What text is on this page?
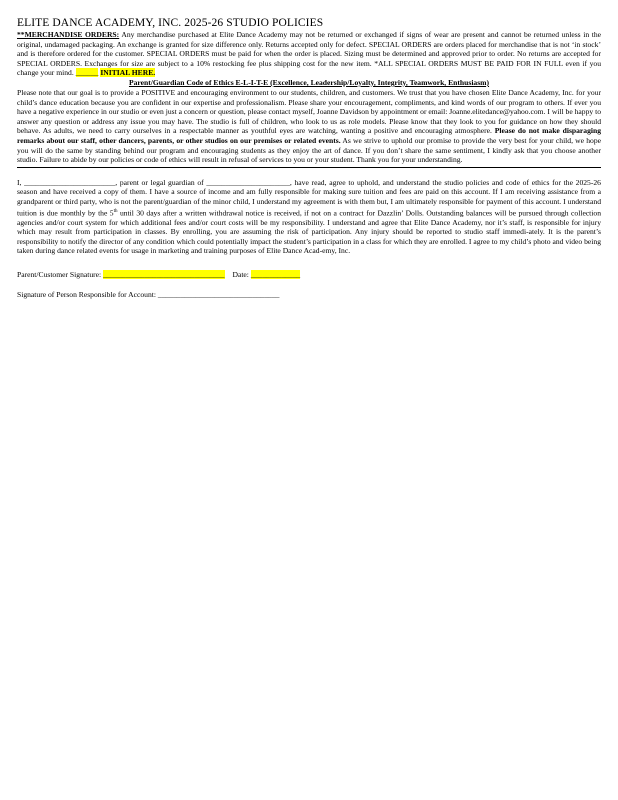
ELITE DANCE ACADEMY, INC. 2025-26 STUDIO POLICIES

**MERCHANDISE ORDERS: Any merchandise purchased at Elite Dance Academy may not be returned or exchanged if signs of wear are present and cannot be returned unless in the original, undamaged packaging. An exchange is granted for size difference only. Returns accepted only for defect. SPECIAL ORDERS are orders placed for merchandise that is not ‘in stock’ and is therefore ordered for the customer. SPECIAL ORDERS must be paid for when the order is placed. Sizing must be determined and approved prior to order. No returns are accepted for SPECIAL ORDERS. Exchanges for size are subject to a 10% restocking fee plus shipping cost for the new item. *ALL SPECIAL ORDERS MUST BE PAID FOR IN FULL even if you change your mind. ______ INITIAL HERE.

Parent/Guardian Code of Ethics E-L-I-T-E (Excellence, Leadership/Loyalty, Integrity, Teamwork, Enthusiasm)

Please note that our goal is to provide a POSITIVE and encouraging environment to our students, children, and customers. We trust that you have chosen Elite Dance Academy, Inc. for your child’s dance education because you are confident in our expertise and professionalism. Please share your encouragement, compliments, and kind words of our program to others. If ever you have a negative experience in our studio or even just a concern or question, please contact myself, Joanne Davidson by appointment or email: Joanne.elitedance@yahoo.com. I will be happy to answer any question or address any issue you may have. The studio is full of children, who look to us as role models. Please know that they look to you for guidance on how they should behave. As adults, we need to carry ourselves in a respectable manner as youthful eyes are watching, wanting a positive and encouraging atmosphere. Please do not make disparaging remarks about our staff, other dancers, parents, or other studios on our premises or related events. As we strive to uphold our promise to provide the very best for your child, we hope you will do the same by standing behind our program and encouraging students as they enjoy the art of dance. If you don’t share the same sentiment, I kindly ask that you choose another studio. Failure to abide by our policies or code of ethics will result in refusal of services to you or your student. Thank you for your understanding.

I, ________________________, parent or legal guardian of ______________________, have read, agree to uphold, and understand the studio policies and code of ethics for the 2025-26 season and have received a copy of them. I have a source of income and am fully responsible for making sure tuition and fees are paid on this account. If I am receiving assistance from a grandparent or third party, who is not the parent/guardian of the minor child, I understand my agreement is with them but, I am ultimately responsible for payment of this account. I understand tuition is due monthly by the 5th until 30 days after a written withdrawal notice is received, if not on a contract for Dazzlin’ Dolls. Outstanding balances will be pursued through collection agencies and/or court system for which additional fees and/or court costs will be my responsibility. I understand and agree that Elite Dance Academy, nor it’s staff, is responsible for injury which may result from participation in classes. By enrolling, you are assuming the risk of participation. Any injury should be reported to studio staff immedi-ately. It is the parent’s responsibility to notify the director of any condition which could potentially impact the student’s participation in a class for which they are enrolled. I agree to my child’s photo and video being taken during dance related events for usage in marketing and training purposes of Elite Dance Acad-emy, Inc.

Parent/Customer Signature: ________________________________ Date: _____________
Signature of Person Responsible for Account: ________________________________
